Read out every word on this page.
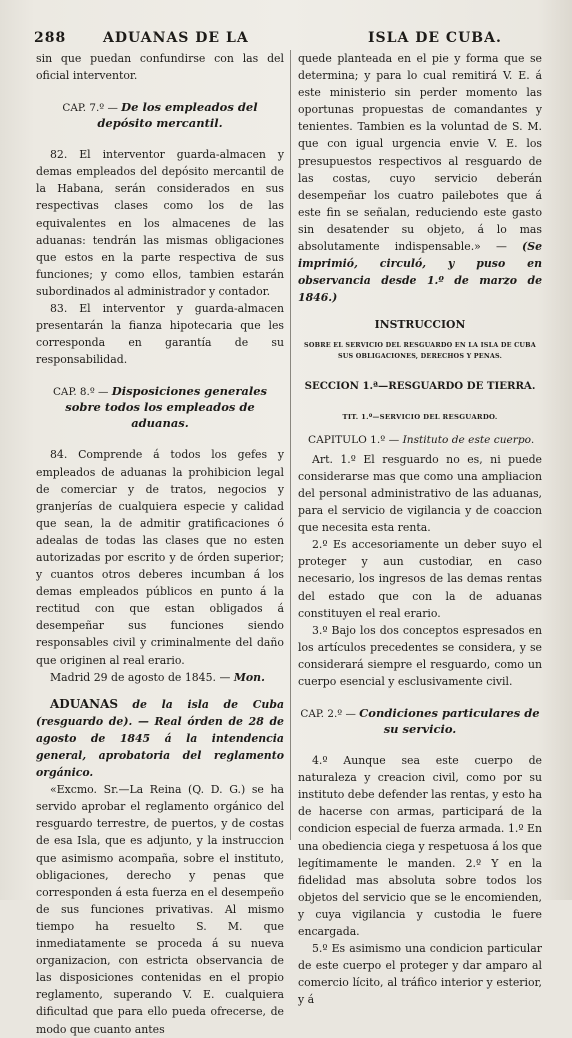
288	ADUANAS DE LA	ISLA DE CUBA.

sin que puedan confundirse con las del oficial interventor.

CAP. 7.º — De los empleados del depósito mercantil.

82. El interventor guarda-almacen y demas empleados del depósito mercantil de la Habana, serán considerados en sus respectivas clases como los de las equivalentes en los almacenes de las aduanas: tendrán las mismas obligaciones que estos en la parte respectiva de sus funciones; y como ellos, tambien estarán subordinados al administrador y contador.

83. El interventor y guarda-almacen presentarán la fianza hipotecaria que les corresponda en garantía de su responsabilidad.

CAP. 8.º — Disposiciones generales sobre todos los empleados de aduanas.

84. Comprende á todos los gefes y empleados de aduanas la prohibicion legal de comerciar y de tratos, negocios y granjerías de cualquiera especie y calidad que sean, la de admitir gratificaciones ó adealas de todas las clases que no esten autorizadas por escrito y de órden superior; y cuantos otros deberes incumban á los demas empleados públicos en punto á la rectitud con que estan obligados á desempeñar sus funciones siendo responsables civil y criminalmente del daño que originen al real erario.

Madrid 29 de agosto de 1845. — Mon.

ADUANAS de la isla de Cuba (resguardo de). — Real órden de 28 de agosto de 1845 á la intendencia general, aprobatoria del reglamento orgánico.

«Excmo. Sr.—La Reina (Q. D. G.) se ha servido aprobar el reglamento orgánico del resguardo terrestre, de puertos, y de costas de esa Isla, que es adjunto, y la instruccion que asimismo acompaña, sobre el instituto, obligaciones, derecho y penas que corresponden á esta fuerza en el desempeño de sus funciones privativas. Al mismo tiempo ha resuelto S. M. que inmediatamente se proceda á su nueva organizacion, con estricta observancia de las disposiciones contenidas en el propio reglamento, superando V. E. cualquiera dificultad que para ello pueda ofrecerse, de modo que cuanto antes

quede planteada en el pie y forma que se determina; y para lo cual remitirá V. E. á este ministerio sin perder momento las oportunas propuestas de comandantes y tenientes. Tambien es la voluntad de S. M. que con igual urgencia envie V. E. los presupuestos respectivos al resguardo de las costas, cuyo servicio deberán desempeñar los cuatro pailebotes que á este fin se señalan, reduciendo este gasto sin desatender su objeto, á lo mas absolutamente indispensable.» — (Se imprimió, circuló, y puso en observancia desde 1.º de marzo de 1846.)

INSTRUCCION
SOBRE EL SERVICIO DEL RESGUARDO EN LA ISLA DE CUBA SUS OBLIGACIONES, DERECHOS Y PENAS.
SECCION 1.ª—RESGUARDO DE TIERRA.
TIT. 1.º—SERVICIO DEL RESGUARDO.

CAPITULO 1.º — Instituto de este cuerpo.

Art. 1.º El resguardo no es, ni puede considerarse mas que como una ampliacion del personal administrativo de las aduanas, para el servicio de vigilancia y de coaccion que necesita esta renta.

2.º Es accesoriamente un deber suyo el proteger y aun custodiar, en caso necesario, los ingresos de las demas rentas del estado que con la de aduanas constituyen el real erario.

3.º Bajo los dos conceptos espresados en los artículos precedentes se considera, y se considerará siempre el resguardo, como un cuerpo esencial y esclusivamente civil.

CAP. 2.º — Condiciones particulares de su servicio.

4.º Aunque sea este cuerpo de naturaleza y creacion civil, como por su instituto debe defender las rentas, y esto ha de hacerse con armas, participará de la condicion especial de fuerza armada. 1.º En una obediencia ciega y respetuosa á los que legítimamente le manden. 2.º Y en la fidelidad mas absoluta sobre todos los objetos del servicio que se le encomienden, y cuya vigilancia y custodia le fuere encargada.

5.º Es asimismo una condicion particular de este cuerpo el proteger y dar amparo al comercio lícito, al tráfico interior y esterior, y á
